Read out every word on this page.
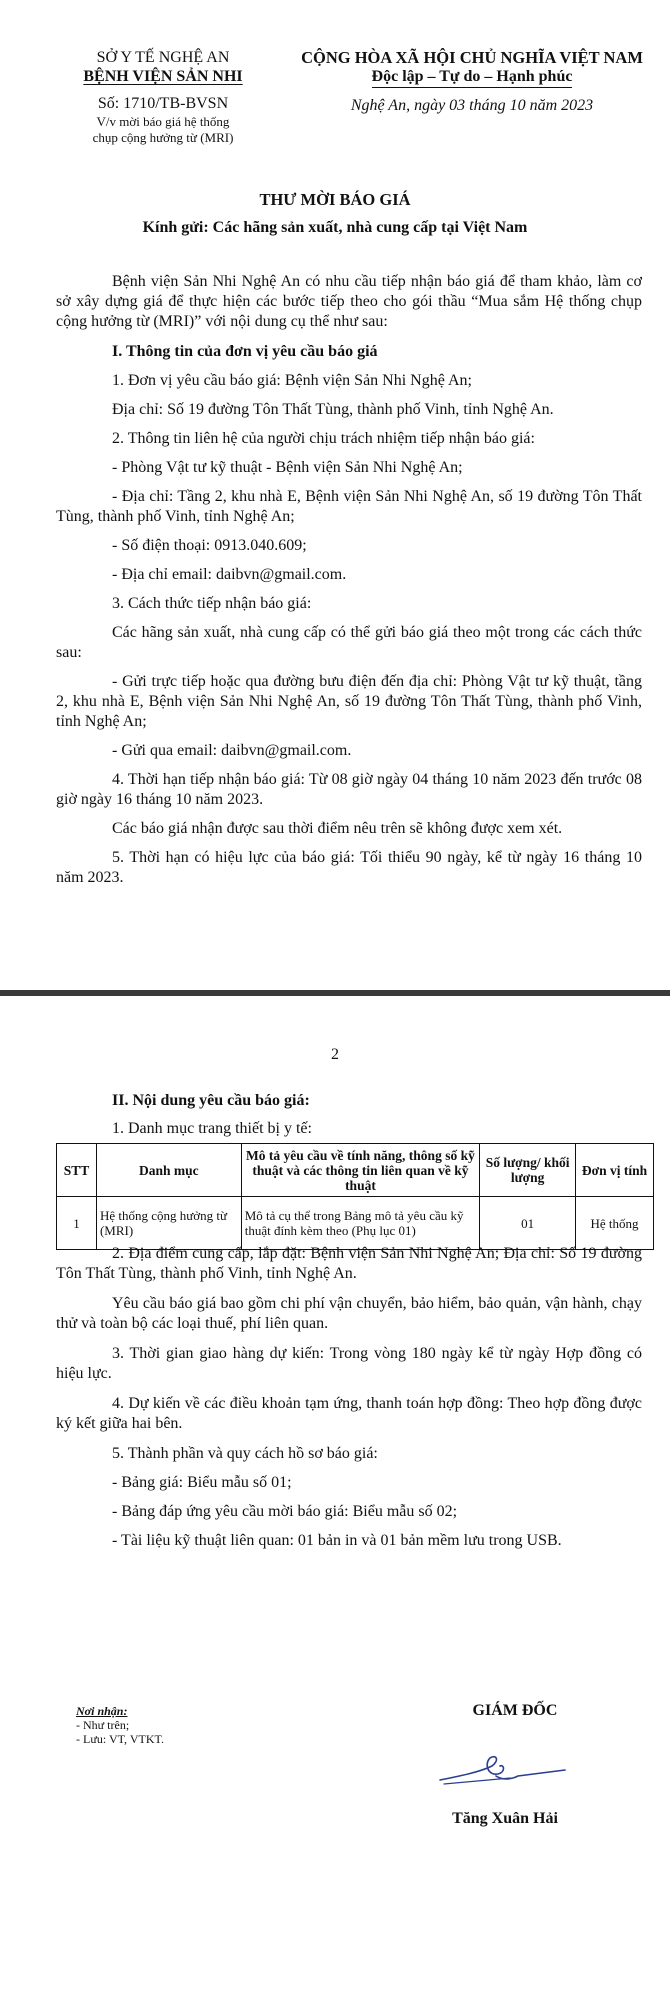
SỞ Y TẾ NGHỆ AN
BỆNH VIỆN SẢN NHI
Số: 1710/TB-BVSN
V/v mời báo giá hệ thống
chụp cộng hưởng từ (MRI)
CỘNG HÒA XÃ HỘI CHỦ NGHĨA VIỆT NAM
Độc lập – Tự do – Hạnh phúc
Nghệ An, ngày 03 tháng 10 năm 2023
THƯ MỜI BÁO GIÁ
Kính gửi: Các hãng sản xuất, nhà cung cấp tại Việt Nam

Bệnh viện Sản Nhi Nghệ An có nhu cầu tiếp nhận báo giá để tham khảo, làm cơ sở xây dựng giá để thực hiện các bước tiếp theo cho gói thầu “Mua sắm Hệ thống chụp cộng hưởng từ (MRI)” với nội dung cụ thể như sau:

I. Thông tin của đơn vị yêu cầu báo giá

1. Đơn vị yêu cầu báo giá: Bệnh viện Sản Nhi Nghệ An;

Địa chỉ: Số 19 đường Tôn Thất Tùng, thành phố Vinh, tỉnh Nghệ An.

2. Thông tin liên hệ của người chịu trách nhiệm tiếp nhận báo giá:

- Phòng Vật tư kỹ thuật - Bệnh viện Sản Nhi Nghệ An;

- Địa chỉ: Tầng 2, khu nhà E, Bệnh viện Sản Nhi Nghệ An, số 19 đường Tôn Thất Tùng, thành phố Vinh, tỉnh Nghệ An;

- Số điện thoại: 0913.040.609;

- Địa chỉ email: daibvn@gmail.com.

3. Cách thức tiếp nhận báo giá:

Các hãng sản xuất, nhà cung cấp có thể gửi báo giá theo một trong các cách thức sau:

- Gửi trực tiếp hoặc qua đường bưu điện đến địa chỉ: Phòng Vật tư kỹ thuật, tầng 2, khu nhà E, Bệnh viện Sản Nhi Nghệ An, số 19 đường Tôn Thất Tùng, thành phố Vinh, tỉnh Nghệ An;

- Gửi qua email: daibvn@gmail.com.

4. Thời hạn tiếp nhận báo giá: Từ 08 giờ ngày 04 tháng 10 năm 2023 đến trước 08 giờ ngày 16 tháng 10 năm 2023.

Các báo giá nhận được sau thời điểm nêu trên sẽ không được xem xét.

5. Thời hạn có hiệu lực của báo giá: Tối thiểu 90 ngày, kể từ ngày 16 tháng 10 năm 2023.

2
II. Nội dung yêu cầu báo giá:
1. Danh mục trang thiết bị y tế:
STT	Danh mục	Mô tả yêu cầu về tính năng, thông số kỹ thuật và các thông tin liên quan về kỹ thuật	Số lượng/ khối lượng	Đơn vị tính
1	Hệ thống cộng hưởng từ (MRI)	Mô tả cụ thể trong Bảng mô tả yêu cầu kỹ thuật đính kèm theo (Phụ lục 01)	01	Hệ thống

2. Địa điểm cung cấp, lắp đặt: Bệnh viện Sản Nhi Nghệ An; Địa chỉ: Số 19 đường Tôn Thất Tùng, thành phố Vinh, tỉnh Nghệ An.

Yêu cầu báo giá bao gồm chi phí vận chuyển, bảo hiểm, bảo quản, vận hành, chạy thử và toàn bộ các loại thuế, phí liên quan.

3. Thời gian giao hàng dự kiến: Trong vòng 180 ngày kể từ ngày Hợp đồng có hiệu lực.

4. Dự kiến về các điều khoản tạm ứng, thanh toán hợp đồng: Theo hợp đồng được ký kết giữa hai bên.

5. Thành phần và quy cách hồ sơ báo giá:

- Bảng giá: Biểu mẫu số 01;

- Bảng đáp ứng yêu cầu mời báo giá: Biểu mẫu số 02;

- Tài liệu kỹ thuật liên quan: 01 bản in và 01 bản mềm lưu trong USB.

Nơi nhận:
- Như trên;
- Lưu: VT, VTKT.
GIÁM ĐỐC
Tăng Xuân Hải
